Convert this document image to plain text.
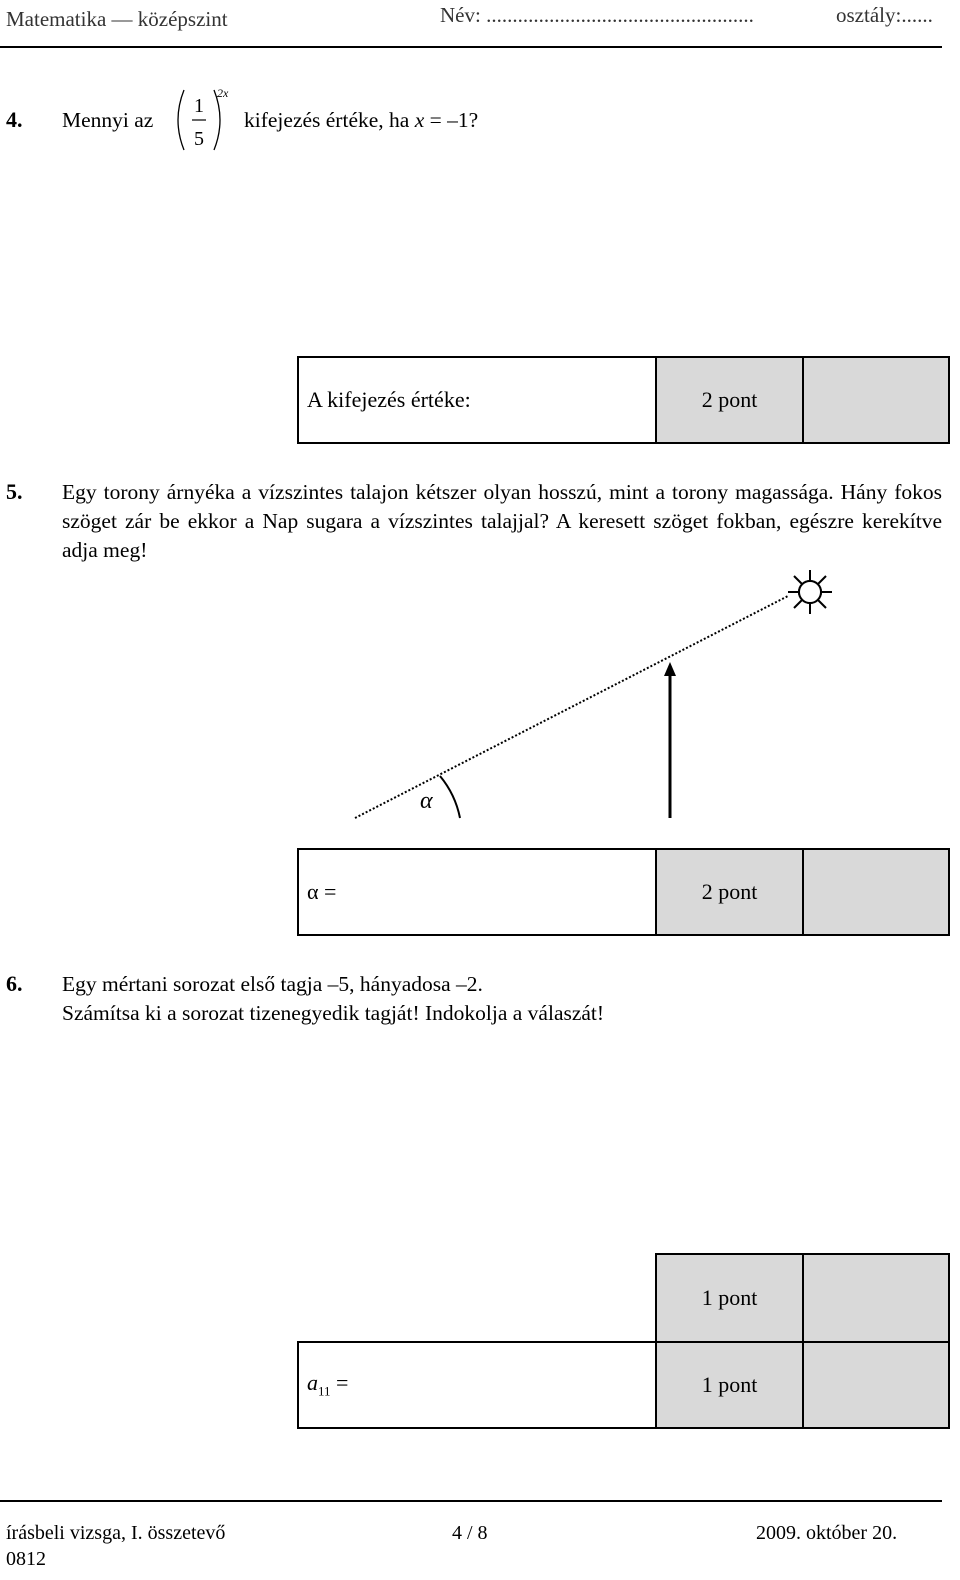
Matematika — középszint	Név: ...................................................	osztály:......
4. Mennyi az
1
5
2x
kifejezés értéke, ha x = –1?
A kifejezés értéke:	2 pont
5. Egy torony árnyéka a vízszintes talajon kétszer olyan hosszú, mint a torony magassága. Hány fokos szöget zár be ekkor a Nap sugara a vízszintes talajjal? A keresett szöget fokban, egészre kerekítve adja meg!
α
α =	2 pont
6. Egy mértani sorozat első tagja –5, hányadosa –2.
Számítsa ki a sorozat tizenegyedik tagját! Indokolja a válaszát!
1 pont
$a_{11}$ =	1 pont
írásbeli vizsga, I. összetevő
0812
4 / 8	2009. október 20.
